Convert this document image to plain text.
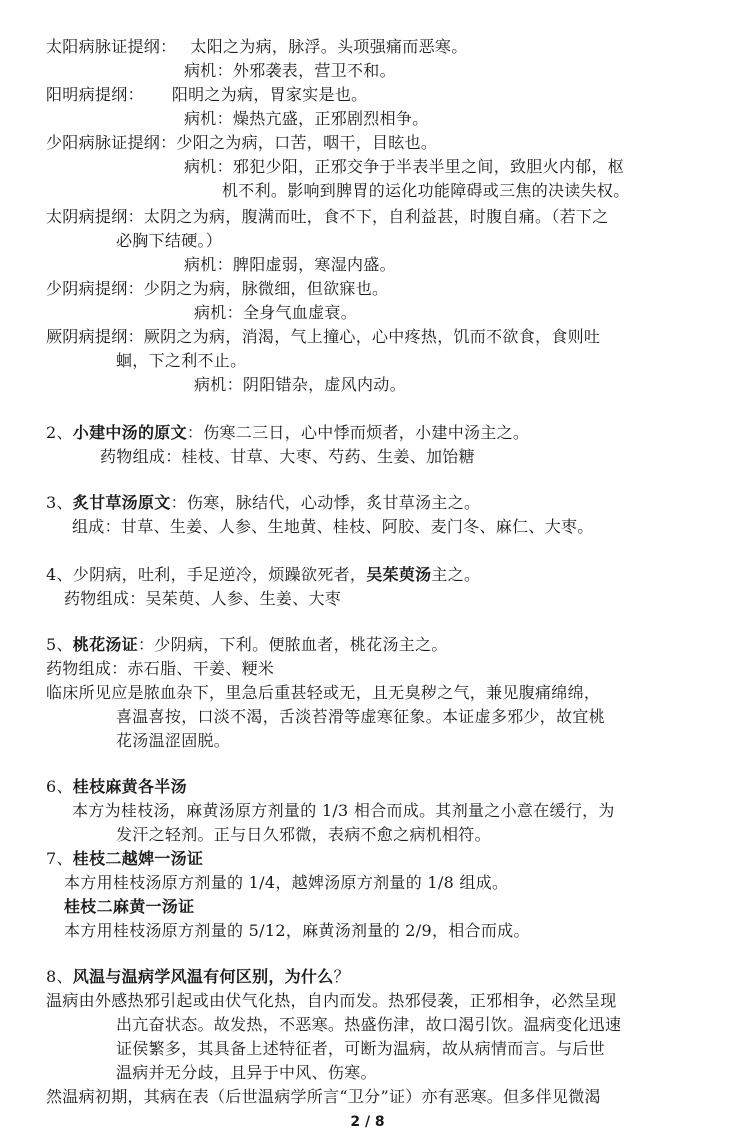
太阳病脉证提纲： 太阳之为病，脉浮。头项强痛而恶寒。
病机：外邪袭表，营卫不和。
阳明病提纲： 阳明之为病，胃家实是也。
病机：燥热亢盛，正邪剧烈相争。
少阳病脉证提纲：少阳之为病，口苦，咽干，目眩也。
病机：邪犯少阳，正邪交争于半表半里之间，致胆火内郁，枢
机不利。影响到脾胃的运化功能障碍或三焦的决读失权。
太阴病提纲：太阴之为病，腹满而吐，食不下，自利益甚，时腹自痛。（若下之
必胸下结硬。）
病机：脾阳虚弱，寒湿内盛。
少阴病提纲：少阴之为病，脉微细，但欲寐也。
病机：全身气血虚衰。
厥阴病提纲：厥阴之为病，消渴，气上撞心，心中疼热，饥而不欲食，食则吐
蛔，下之利不止。
病机：阴阳错杂，虚风内动。
2、小建中汤的原文：伤寒二三日，心中悸而烦者，小建中汤主之。
药物组成：桂枝、甘草、大枣、芍药、生姜、加饴糖
3、炙甘草汤原文：伤寒，脉结代，心动悸，炙甘草汤主之。
组成：甘草、生姜、人参、生地黄、桂枝、阿胶、麦门冬、麻仁、大枣。
4、少阴病，吐利，手足逆冷，烦躁欲死者，吴茱萸汤主之。
药物组成：吴茱萸、人参、生姜、大枣
5、桃花汤证：少阴病，下利。便脓血者，桃花汤主之。
药物组成：赤石脂、干姜、粳米
临床所见应是脓血杂下，里急后重甚轻或无，且无臭秽之气，兼见腹痛绵绵，
喜温喜按，口淡不渴，舌淡苔滑等虚寒征象。本证虚多邪少，故宜桃
花汤温涩固脱。
6、桂枝麻黄各半汤
本方为桂枝汤，麻黄汤原方剂量的 1/3 相合而成。其剂量之小意在缓行，为
发汗之轻剂。正与日久邪微，表病不愈之病机相符。
7、桂枝二越婢一汤证
本方用桂枝汤原方剂量的 1/4，越婢汤原方剂量的 1/8 组成。
桂枝二麻黄一汤证
本方用桂枝汤原方剂量的 5/12，麻黄汤剂量的 2/9，相合而成。
8、风温与温病学风温有何区别，为什么？
温病由外感热邪引起或由伏气化热，自内而发。热邪侵袭，正邪相争，必然呈现
出亢奋状态。故发热，不恶寒。热盛伤津，故口渴引饮。温病变化迅速
证侯繁多，其具备上述特征者，可断为温病，故从病情而言。与后世
温病并无分歧，且异于中风、伤寒。
然温病初期，其病在表（后世温病学所言“卫分”证）亦有恶寒。但多伴见微渴
2 / 8
